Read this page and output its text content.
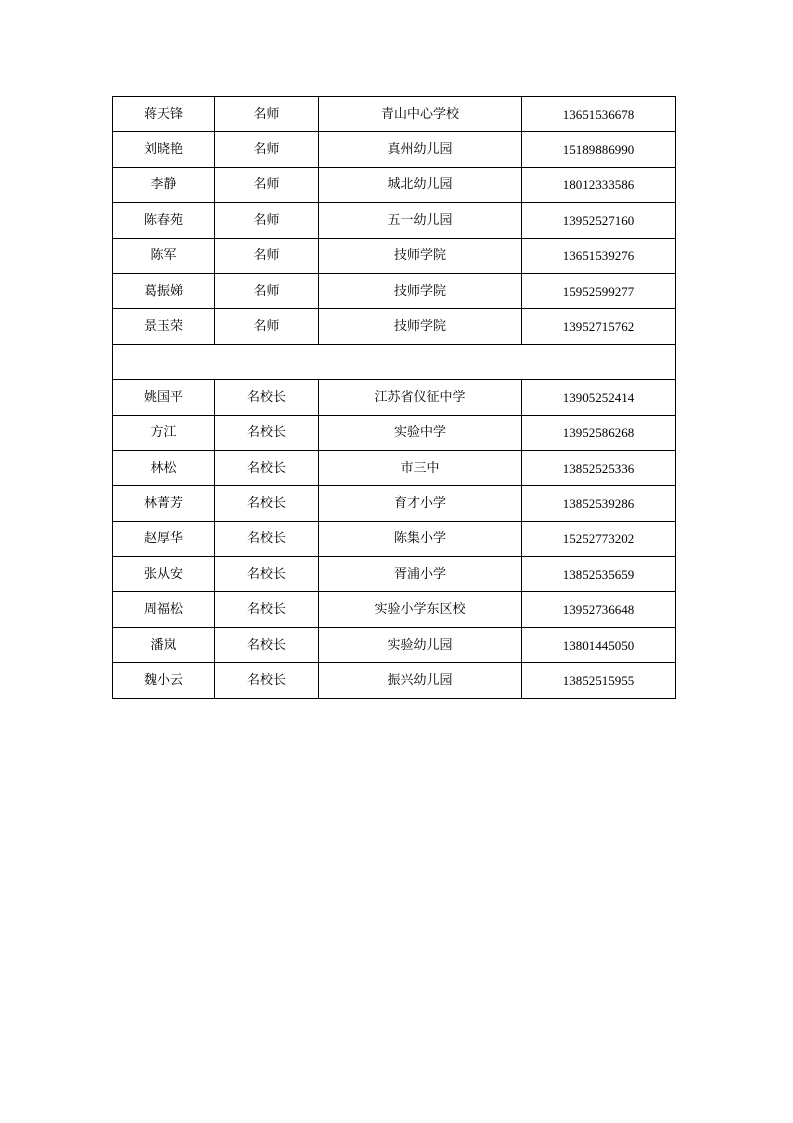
蒋天锋	名师	青山中心学校	13651536678
刘晓艳	名师	真州幼儿园	15189886990
李静	名师	城北幼儿园	18012333586
陈春苑	名师	五一幼儿园	13952527160
陈军	名师	技师学院	13651539276
葛振娣	名师	技师学院	15952599277
景玉荣	名师	技师学院	13952715762

姚国平	名校长	江苏省仪征中学	13905252414
方江	名校长	实验中学	13952586268
林松	名校长	市三中	13852525336
林菁芳	名校长	育才小学	13852539286
赵厚华	名校长	陈集小学	15252773202
张从安	名校长	胥浦小学	13852535659
周福松	名校长	实验小学东区校	13952736648
潘岚	名校长	实验幼儿园	13801445050
魏小云	名校长	振兴幼儿园	13852515955
